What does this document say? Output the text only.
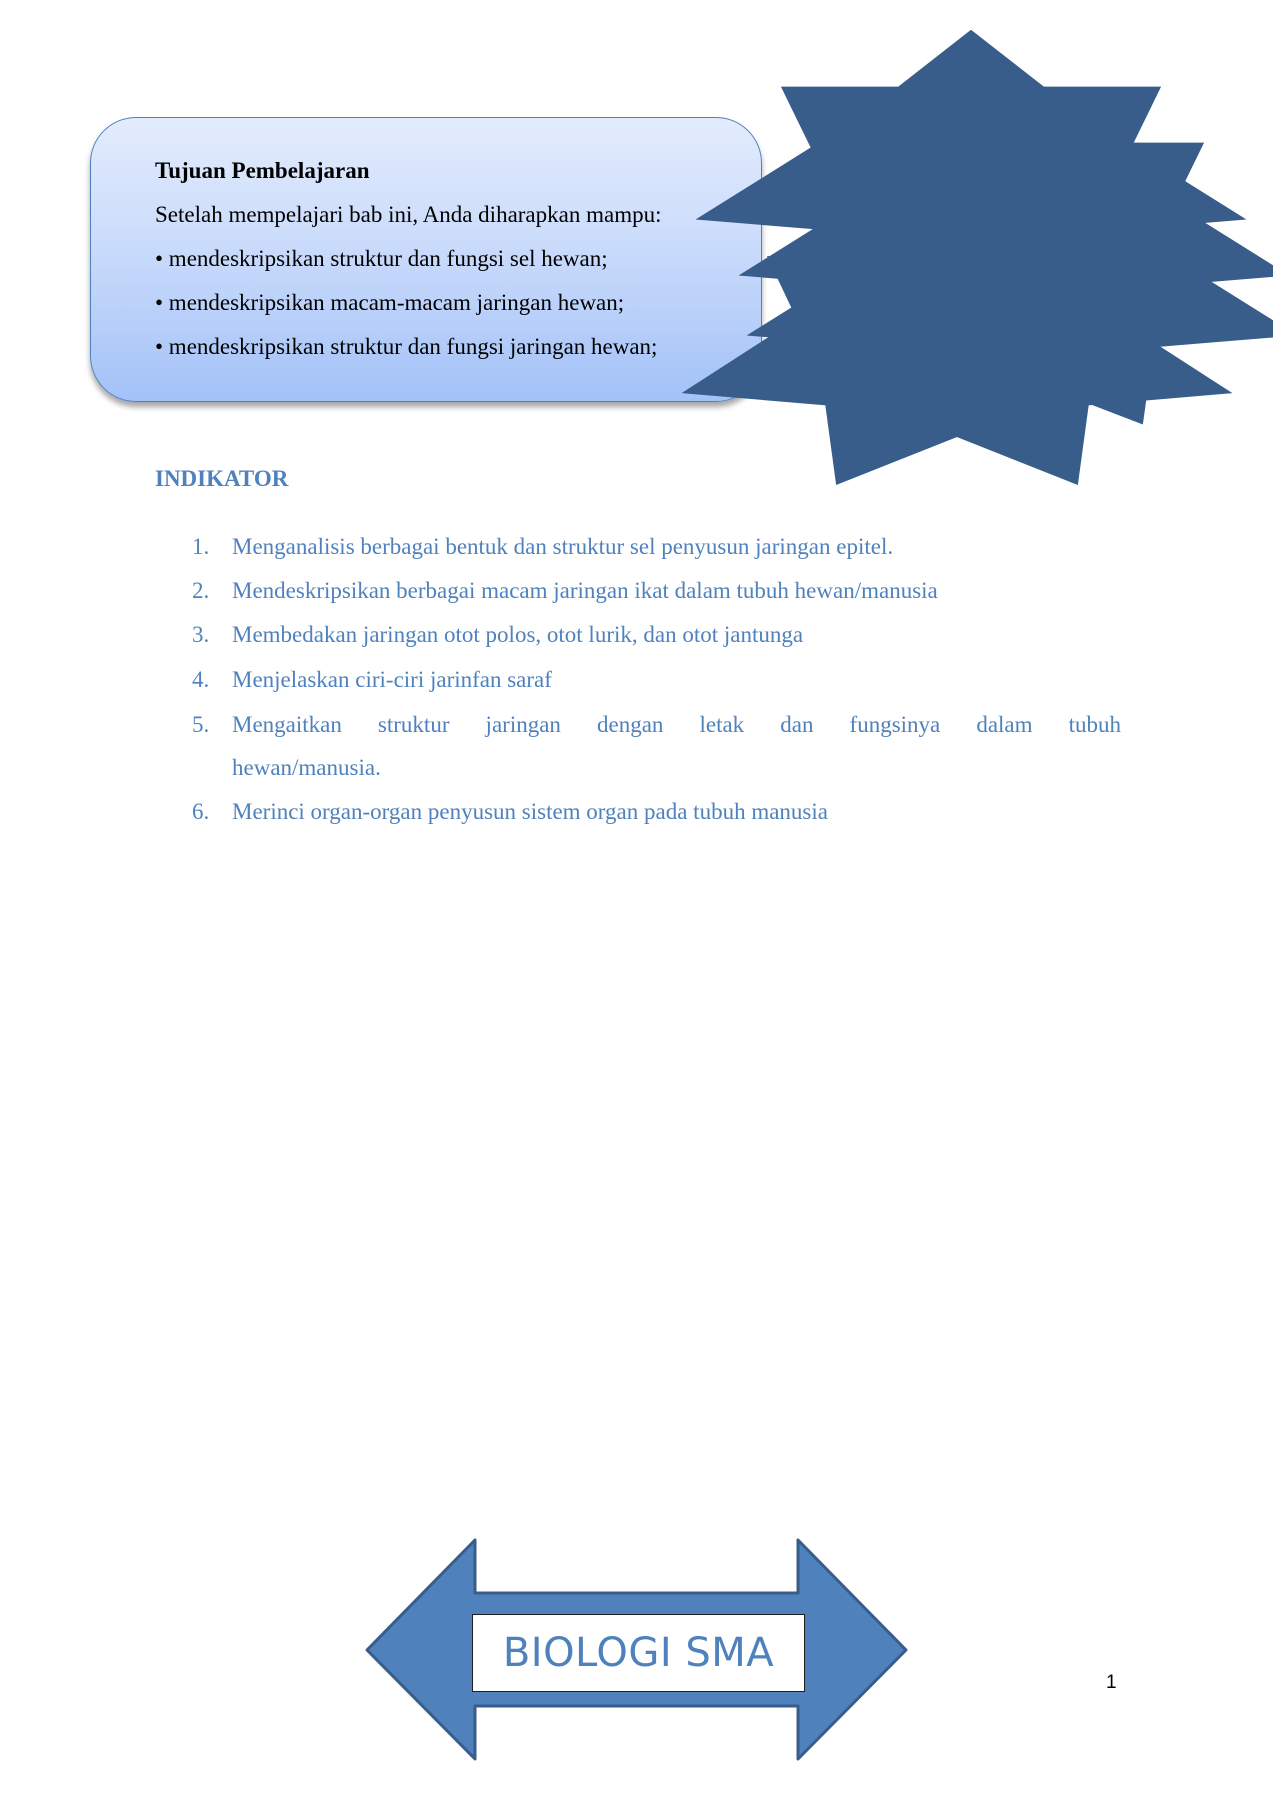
Tujuan Pembelajaran
Setelah mempelajari bab ini, Anda diharapkan mampu:
• mendeskripsikan struktur dan fungsi sel hewan;
• mendeskripsikan macam-macam jaringan hewan;
• mendeskripsikan struktur dan fungsi jaringan hewan;
INDIKATOR
1. Menganalisis berbagai bentuk dan struktur sel penyusun jaringan epitel.
2. Mendeskripsikan berbagai macam jaringan ikat dalam tubuh hewan/manusia
3. Membedakan jaringan otot polos, otot lurik, dan otot jantunga
4. Menjelaskan ciri-ciri jarinfan saraf
5. Mengaitkan struktur jaringan dengan letak dan fungsinya dalam tubuh
hewan/manusia.
6. Merinci organ-organ penyusun sistem organ pada tubuh manusia
BIOLOGI SMA
1
